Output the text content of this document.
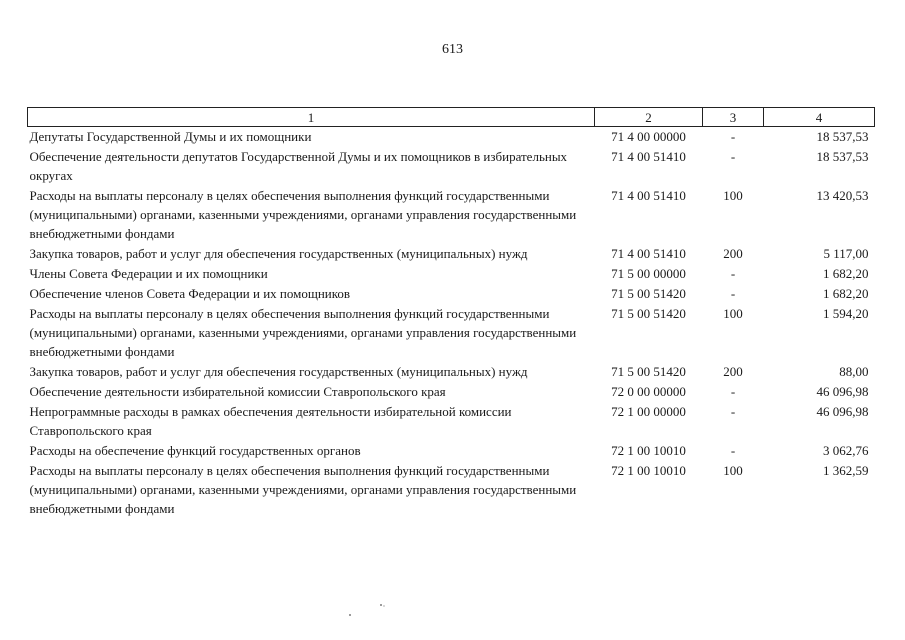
613
1	2	3	4
Депутаты Государственной Думы и их помощники	71 4 00 00000	-	18 537,53
Обеспечение деятельности депутатов Государственной Думы и их помощников в избирательных округах	71 4 00 51410	-	18 537,53
Расходы на выплаты персоналу в целях обеспечения выполнения функций государственными (муниципальными) органами, казенными учреждениями, органами управления государственными внебюджетными фондами	71 4 00 51410	100	13 420,53
Закупка товаров, работ и услуг для обеспечения государственных (муниципальных) нужд	71 4 00 51410	200	5 117,00
Члены Совета Федерации и их помощники	71 5 00 00000	-	1 682,20
Обеспечение членов Совета Федерации и их помощников	71 5 00 51420	-	1 682,20
Расходы на выплаты персоналу в целях обеспечения выполнения функций государственными (муниципальными) органами, казенными учреждениями, органами управления государственными внебюджетными фондами	71 5 00 51420	100	1 594,20
Закупка товаров, работ и услуг для обеспечения государственных (муниципальных) нужд	71 5 00 51420	200	88,00
Обеспечение деятельности избирательной комиссии Ставропольского края	72 0 00 00000	-	46 096,98
Непрограммные расходы в рамках обеспечения деятельности избирательной комиссии Ставропольского края	72 1 00 00000	-	46 096,98
Расходы на обеспечение функций государственных органов	72 1 00 10010	-	3 062,76
Расходы на выплаты персоналу в целях обеспечения выполнения функций государственными (муниципальными) органами, казенными учреждениями, органами управления государственными внебюджетными фондами	72 1 00 10010	100	1 362,59
